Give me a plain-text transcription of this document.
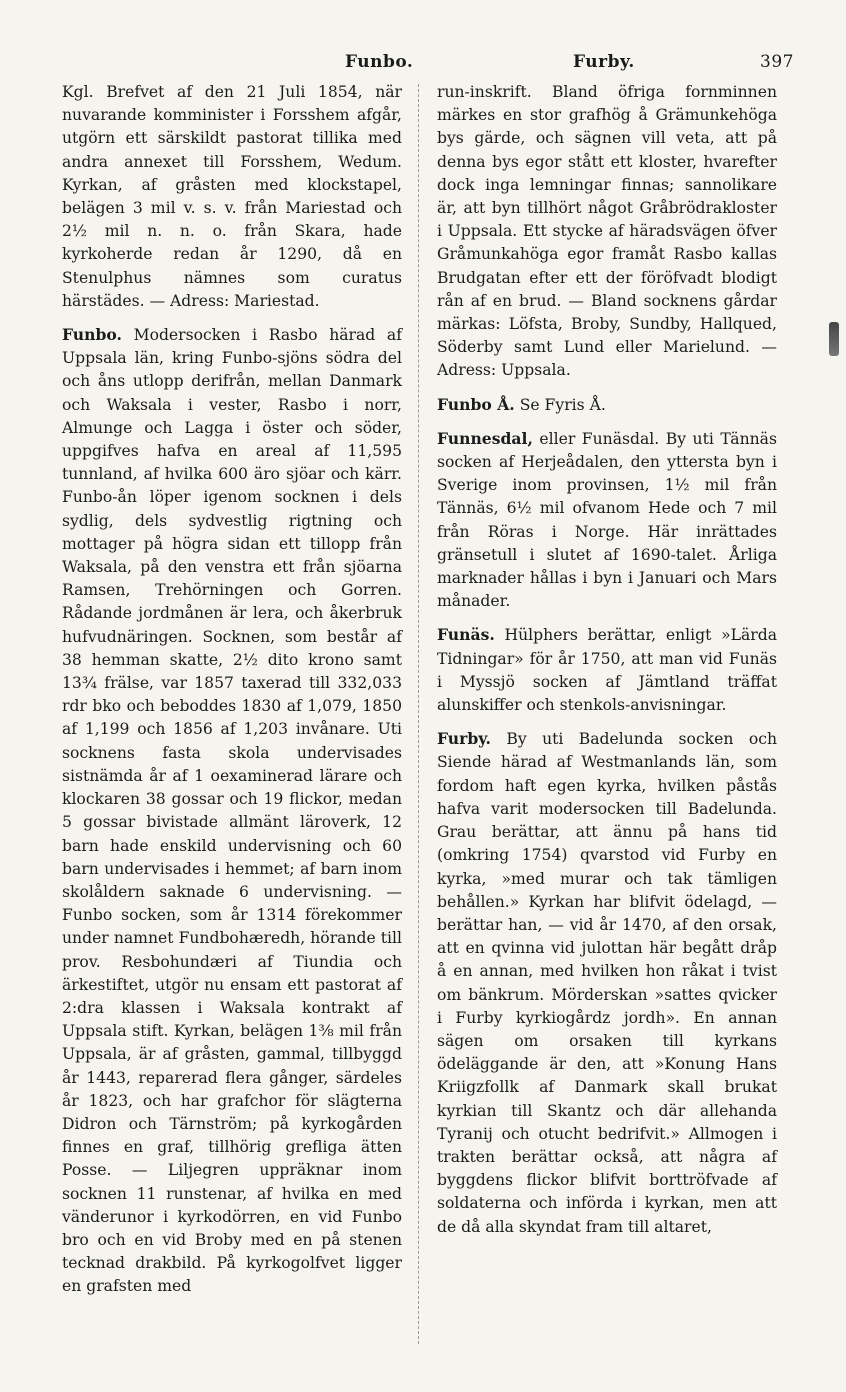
Funbo.	Furby.	397

Kgl. Brefvet af den 21 Juli 1854, när nuvarande komminister i Forsshem afgår, utgörn ett särskildt pastorat tillika med andra annexet till Forsshem, Wedum. Kyrkan, af gråsten med klockstapel, belägen 3 mil v. s. v. från Mariestad och 2½ mil n. n. o. från Skara, hade kyrkoherde redan år 1290, då en Stenulphus nämnes som curatus härstädes. — Adress: Mariestad.

Funbo. Modersocken i Rasbo härad af Uppsala län, kring Funbo-sjöns södra del och åns utlopp derifrån, mellan Danmark och Waksala i vester, Rasbo i norr, Almunge och Lagga i öster och söder, uppgifves hafva en areal af 11,595 tunnland, af hvilka 600 äro sjöar och kärr. Funbo-ån löper igenom socknen i dels sydlig, dels sydvestlig rigtning och mottager på högra sidan ett tillopp från Waksala, på den venstra ett från sjöarna Ramsen, Trehörningen och Gorren. Rådande jordmånen är lera, och åkerbruk hufvudnäringen. Socknen, som består af 38 hemman skatte, 2½ dito krono samt 13¾ frälse, var 1857 taxerad till 332,033 rdr bko och beboddes 1830 af 1,079, 1850 af 1,199 och 1856 af 1,203 invånare. Uti socknens fasta skola undervisades sistnämda år af 1 oexaminerad lärare och klockaren 38 gossar och 19 flickor, medan 5 gossar bivistade allmänt läroverk, 12 barn hade enskild undervisning och 60 barn undervisades i hemmet; af barn inom skolåldern saknade 6 undervisning. — Funbo socken, som år 1314 förekommer under namnet Fundbohæredh, hörande till prov. Resbohundæri af Tiundia och ärkestiftet, utgör nu ensam ett pastorat af 2:dra klassen i Waksala kontrakt af Uppsala stift. Kyrkan, belägen 1⅜ mil från Uppsala, är af gråsten, gammal, tillbyggd år 1443, reparerad flera gånger, särdeles år 1823, och har grafchor för slägterna Didron och Tärnström; på kyrkogården finnes en graf, tillhörig grefliga ätten Posse. — Liljegren uppräknar inom socknen 11 runstenar, af hvilka en med vänderunor i kyrkodörren, en vid Funbo bro och en vid Broby med en på stenen tecknad drakbild. På kyrkogolfvet ligger en grafsten med

run-inskrift. Bland öfriga fornminnen märkes en stor grafhög å Grämunkehöga bys gärde, och sägnen vill veta, att på denna bys egor stått ett kloster, hvarefter dock inga lemningar finnas; sannolikare är, att byn tillhört något Gråbrödrakloster i Uppsala. Ett stycke af häradsvägen öfver Gråmunkahöga egor framåt Rasbo kallas Brudgatan efter ett der föröfvadt blodigt rån af en brud. — Bland socknens gårdar märkas: Löfsta, Broby, Sundby, Hallqued, Söderby samt Lund eller Marielund. — Adress: Uppsala.

Funbo Å. Se Fyris Å.

Funnesdal, eller Funäsdal. By uti Tännäs socken af Herjeådalen, den yttersta byn i Sverige inom provinsen, 1½ mil från Tännäs, 6½ mil ofvanom Hede och 7 mil från Röras i Norge. Här inrättades gränsetull i slutet af 1690-talet. Årliga marknader hållas i byn i Januari och Mars månader.

Funäs. Hülphers berättar, enligt »Lärda Tidningar» för år 1750, att man vid Funäs i Myssjö socken af Jämtland träffat alunskiffer och stenkols-anvisningar.

Furby. By uti Badelunda socken och Siende härad af Westmanlands län, som fordom haft egen kyrka, hvilken påstås hafva varit modersocken till Badelunda. Grau berättar, att ännu på hans tid (omkring 1754) qvarstod vid Furby en kyrka, »med murar och tak tämligen behållen.» Kyrkan har blifvit ödelagd, — berättar han, — vid år 1470, af den orsak, att en qvinna vid julottan här begått dråp å en annan, med hvilken hon råkat i tvist om bänkrum. Mörderskan »sattes qvicker i Furby kyrkiogårdz jordh». En annan sägen om orsaken till kyrkans ödeläggande är den, att »Konung Hans Kriigzfollk af Danmark skall brukat kyrkian till Skantz och där allehanda Tyranij och otucht bedrifvit.» Allmogen i trakten berättar också, att några af byggdens flickor blifvit borttröfvade af soldaterna och införda i kyrkan, men att de då alla skyndat fram till altaret,
